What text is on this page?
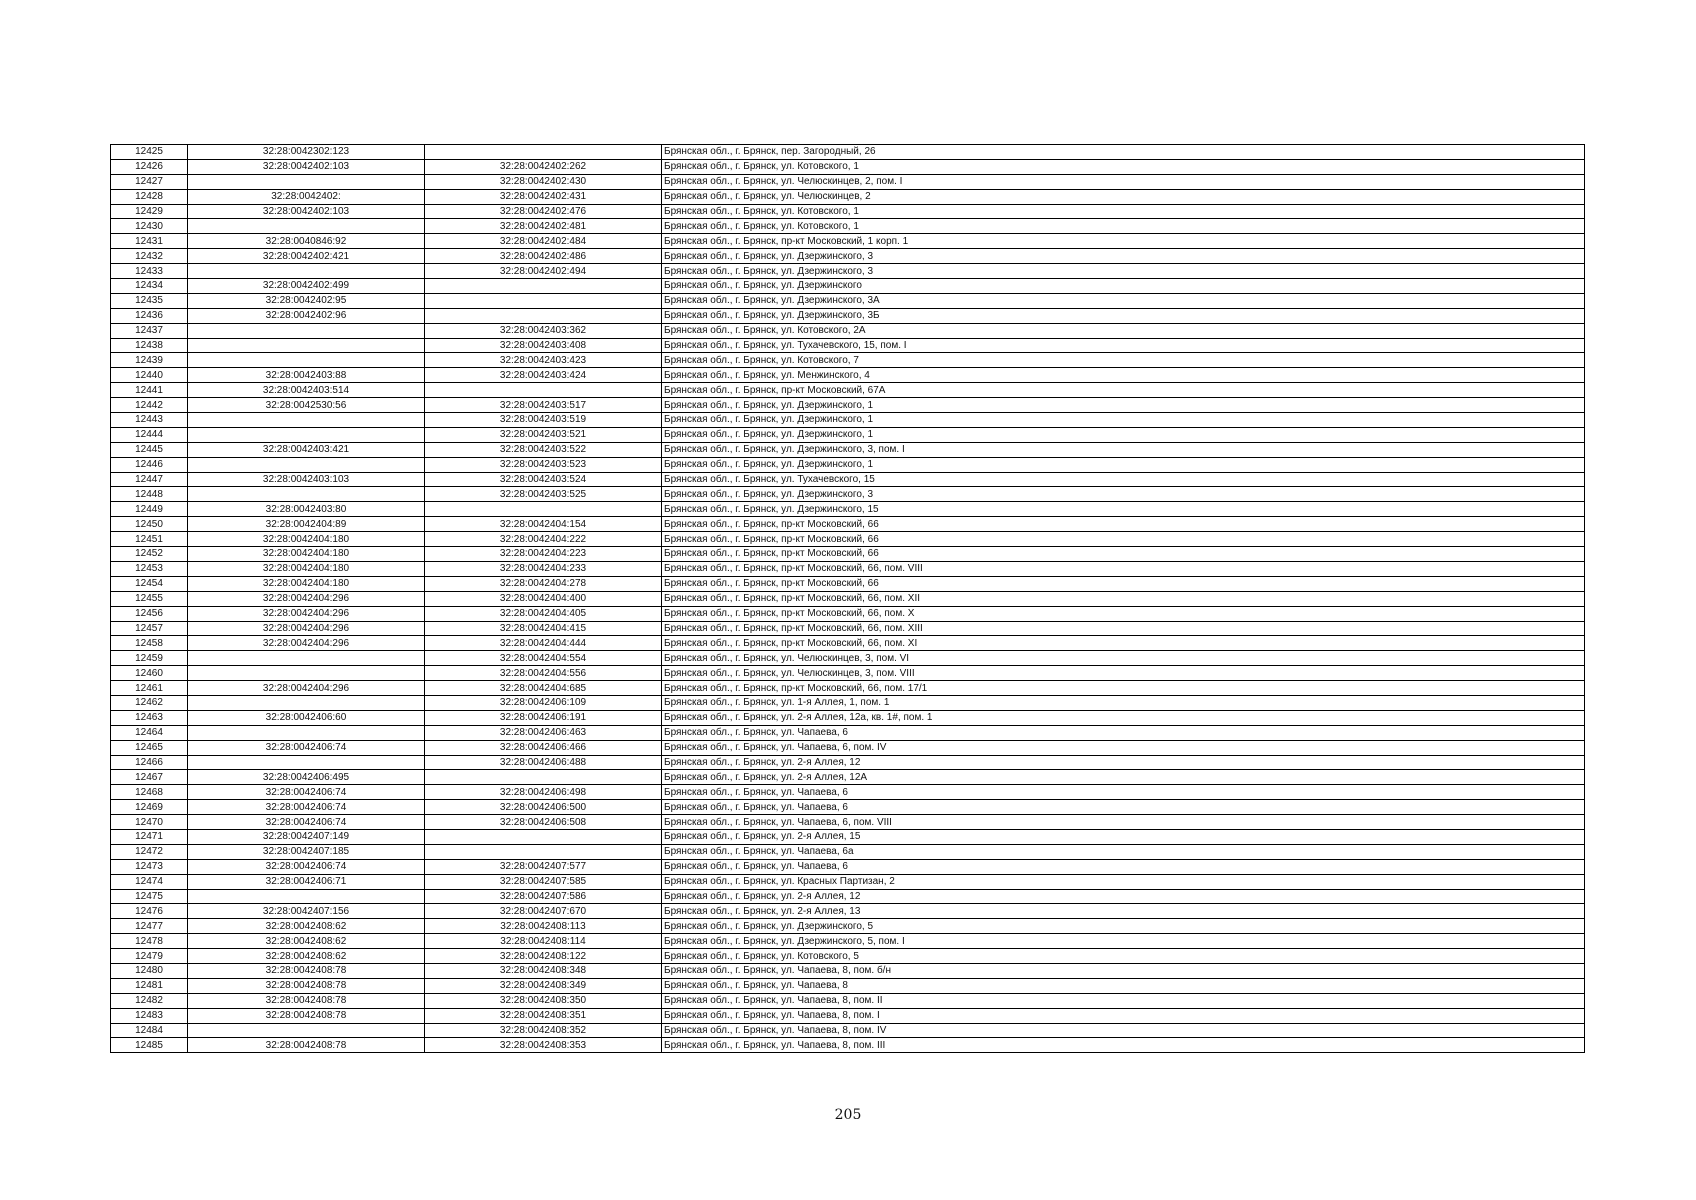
12425	32:28:0042302:123		Брянская обл., г. Брянск, пер. Загородный, 26
12426	32:28:0042402:103	32:28:0042402:262	Брянская обл., г. Брянск, ул. Котовского, 1
12427		32:28:0042402:430	Брянская обл., г. Брянск, ул. Челюскинцев, 2, пом. I
12428	32:28:0042402:	32:28:0042402:431	Брянская обл., г. Брянск, ул. Челюскинцев, 2
12429	32:28:0042402:103	32:28:0042402:476	Брянская обл., г. Брянск, ул. Котовского, 1
12430		32:28:0042402:481	Брянская обл., г. Брянск, ул. Котовского, 1
12431	32:28:0040846:92	32:28:0042402:484	Брянская обл., г. Брянск, пр-кт Московский, 1 корп. 1
12432	32:28:0042402:421	32:28:0042402:486	Брянская обл., г. Брянск, ул. Дзержинского, 3
12433		32:28:0042402:494	Брянская обл., г. Брянск, ул. Дзержинского, 3
12434	32:28:0042402:499		Брянская обл., г. Брянск, ул. Дзержинского
12435	32:28:0042402:95		Брянская обл., г. Брянск, ул. Дзержинского, 3А
12436	32:28:0042402:96		Брянская обл., г. Брянск, ул. Дзержинского, 3Б
12437		32:28:0042403:362	Брянская обл., г. Брянск, ул. Котовского, 2А
12438		32:28:0042403:408	Брянская обл., г. Брянск, ул. Тухачевского, 15, пом. I
12439		32:28:0042403:423	Брянская обл., г. Брянск, ул. Котовского, 7
12440	32:28:0042403:88	32:28:0042403:424	Брянская обл., г. Брянск, ул. Менжинского, 4
12441	32:28:0042403:514		Брянская обл., г. Брянск, пр-кт Московский, 67А
12442	32:28:0042530:56	32:28:0042403:517	Брянская обл., г. Брянск, ул. Дзержинского, 1
12443		32:28:0042403:519	Брянская обл., г. Брянск, ул. Дзержинского, 1
12444		32:28:0042403:521	Брянская обл., г. Брянск, ул. Дзержинского, 1
12445	32:28:0042403:421	32:28:0042403:522	Брянская обл., г. Брянск, ул. Дзержинского, 3, пом. I
12446		32:28:0042403:523	Брянская обл., г. Брянск, ул. Дзержинского, 1
12447	32:28:0042403:103	32:28:0042403:524	Брянская обл., г. Брянск, ул. Тухачевского, 15
12448		32:28:0042403:525	Брянская обл., г. Брянск, ул. Дзержинского, 3
12449	32:28:0042403:80		Брянская обл., г. Брянск, ул. Дзержинского, 15
12450	32:28:0042404:89	32:28:0042404:154	Брянская обл., г. Брянск, пр-кт Московский, 66
12451	32:28:0042404:180	32:28:0042404:222	Брянская обл., г. Брянск, пр-кт Московский, 66
12452	32:28:0042404:180	32:28:0042404:223	Брянская обл., г. Брянск, пр-кт Московский, 66
12453	32:28:0042404:180	32:28:0042404:233	Брянская обл., г. Брянск, пр-кт Московский, 66, пом. VIII
12454	32:28:0042404:180	32:28:0042404:278	Брянская обл., г. Брянск, пр-кт Московский, 66
12455	32:28:0042404:296	32:28:0042404:400	Брянская обл., г. Брянск, пр-кт Московский, 66, пом. XII
12456	32:28:0042404:296	32:28:0042404:405	Брянская обл., г. Брянск, пр-кт Московский, 66, пом. X
12457	32:28:0042404:296	32:28:0042404:415	Брянская обл., г. Брянск, пр-кт Московский, 66, пом. XIII
12458	32:28:0042404:296	32:28:0042404:444	Брянская обл., г. Брянск, пр-кт Московский, 66, пом. XI
12459		32:28:0042404:554	Брянская обл., г. Брянск, ул. Челюскинцев, 3, пом. VI
12460		32:28:0042404:556	Брянская обл., г. Брянск, ул. Челюскинцев, 3, пом. VIII
12461	32:28:0042404:296	32:28:0042404:685	Брянская обл., г. Брянск, пр-кт Московский, 66, пом. 17/1
12462		32:28:0042406:109	Брянская обл., г. Брянск, ул. 1-я Аллея, 1, пом. 1
12463	32:28:0042406:60	32:28:0042406:191	Брянская обл., г. Брянск, ул. 2-я Аллея, 12а, кв. 1#, пом. 1
12464		32:28:0042406:463	Брянская обл., г. Брянск, ул. Чапаева, 6
12465	32:28:0042406:74	32:28:0042406:466	Брянская обл., г. Брянск, ул. Чапаева, 6, пом. IV
12466		32:28:0042406:488	Брянская обл., г. Брянск, ул. 2-я Аллея, 12
12467	32:28:0042406:495		Брянская обл., г. Брянск, ул. 2-я Аллея, 12А
12468	32:28:0042406:74	32:28:0042406:498	Брянская обл., г. Брянск, ул. Чапаева, 6
12469	32:28:0042406:74	32:28:0042406:500	Брянская обл., г. Брянск, ул. Чапаева, 6
12470	32:28:0042406:74	32:28:0042406:508	Брянская обл., г. Брянск, ул. Чапаева, 6, пом. VIII
12471	32:28:0042407:149		Брянская обл., г. Брянск, ул. 2-я Аллея, 15
12472	32:28:0042407:185		Брянская обл., г. Брянск, ул. Чапаева, 6а
12473	32:28:0042406:74	32:28:0042407:577	Брянская обл., г. Брянск, ул. Чапаева, 6
12474	32:28:0042406:71	32:28:0042407:585	Брянская обл., г. Брянск, ул. Красных Партизан, 2
12475		32:28:0042407:586	Брянская обл., г. Брянск, ул. 2-я Аллея, 12
12476	32:28:0042407:156	32:28:0042407:670	Брянская обл., г. Брянск, ул. 2-я Аллея, 13
12477	32:28:0042408:62	32:28:0042408:113	Брянская обл., г. Брянск, ул. Дзержинского, 5
12478	32:28:0042408:62	32:28:0042408:114	Брянская обл., г. Брянск, ул. Дзержинского, 5, пом. I
12479	32:28:0042408:62	32:28:0042408:122	Брянская обл., г. Брянск, ул. Котовского, 5
12480	32:28:0042408:78	32:28:0042408:348	Брянская обл., г. Брянск, ул. Чапаева, 8, пом. б/н
12481	32:28:0042408:78	32:28:0042408:349	Брянская обл., г. Брянск, ул. Чапаева, 8
12482	32:28:0042408:78	32:28:0042408:350	Брянская обл., г. Брянск, ул. Чапаева, 8, пом. II
12483	32:28:0042408:78	32:28:0042408:351	Брянская обл., г. Брянск, ул. Чапаева, 8, пом. I
12484		32:28:0042408:352	Брянская обл., г. Брянск, ул. Чапаева, 8, пом. IV
12485	32:28:0042408:78	32:28:0042408:353	Брянская обл., г. Брянск, ул. Чапаева, 8, пом. III
205
